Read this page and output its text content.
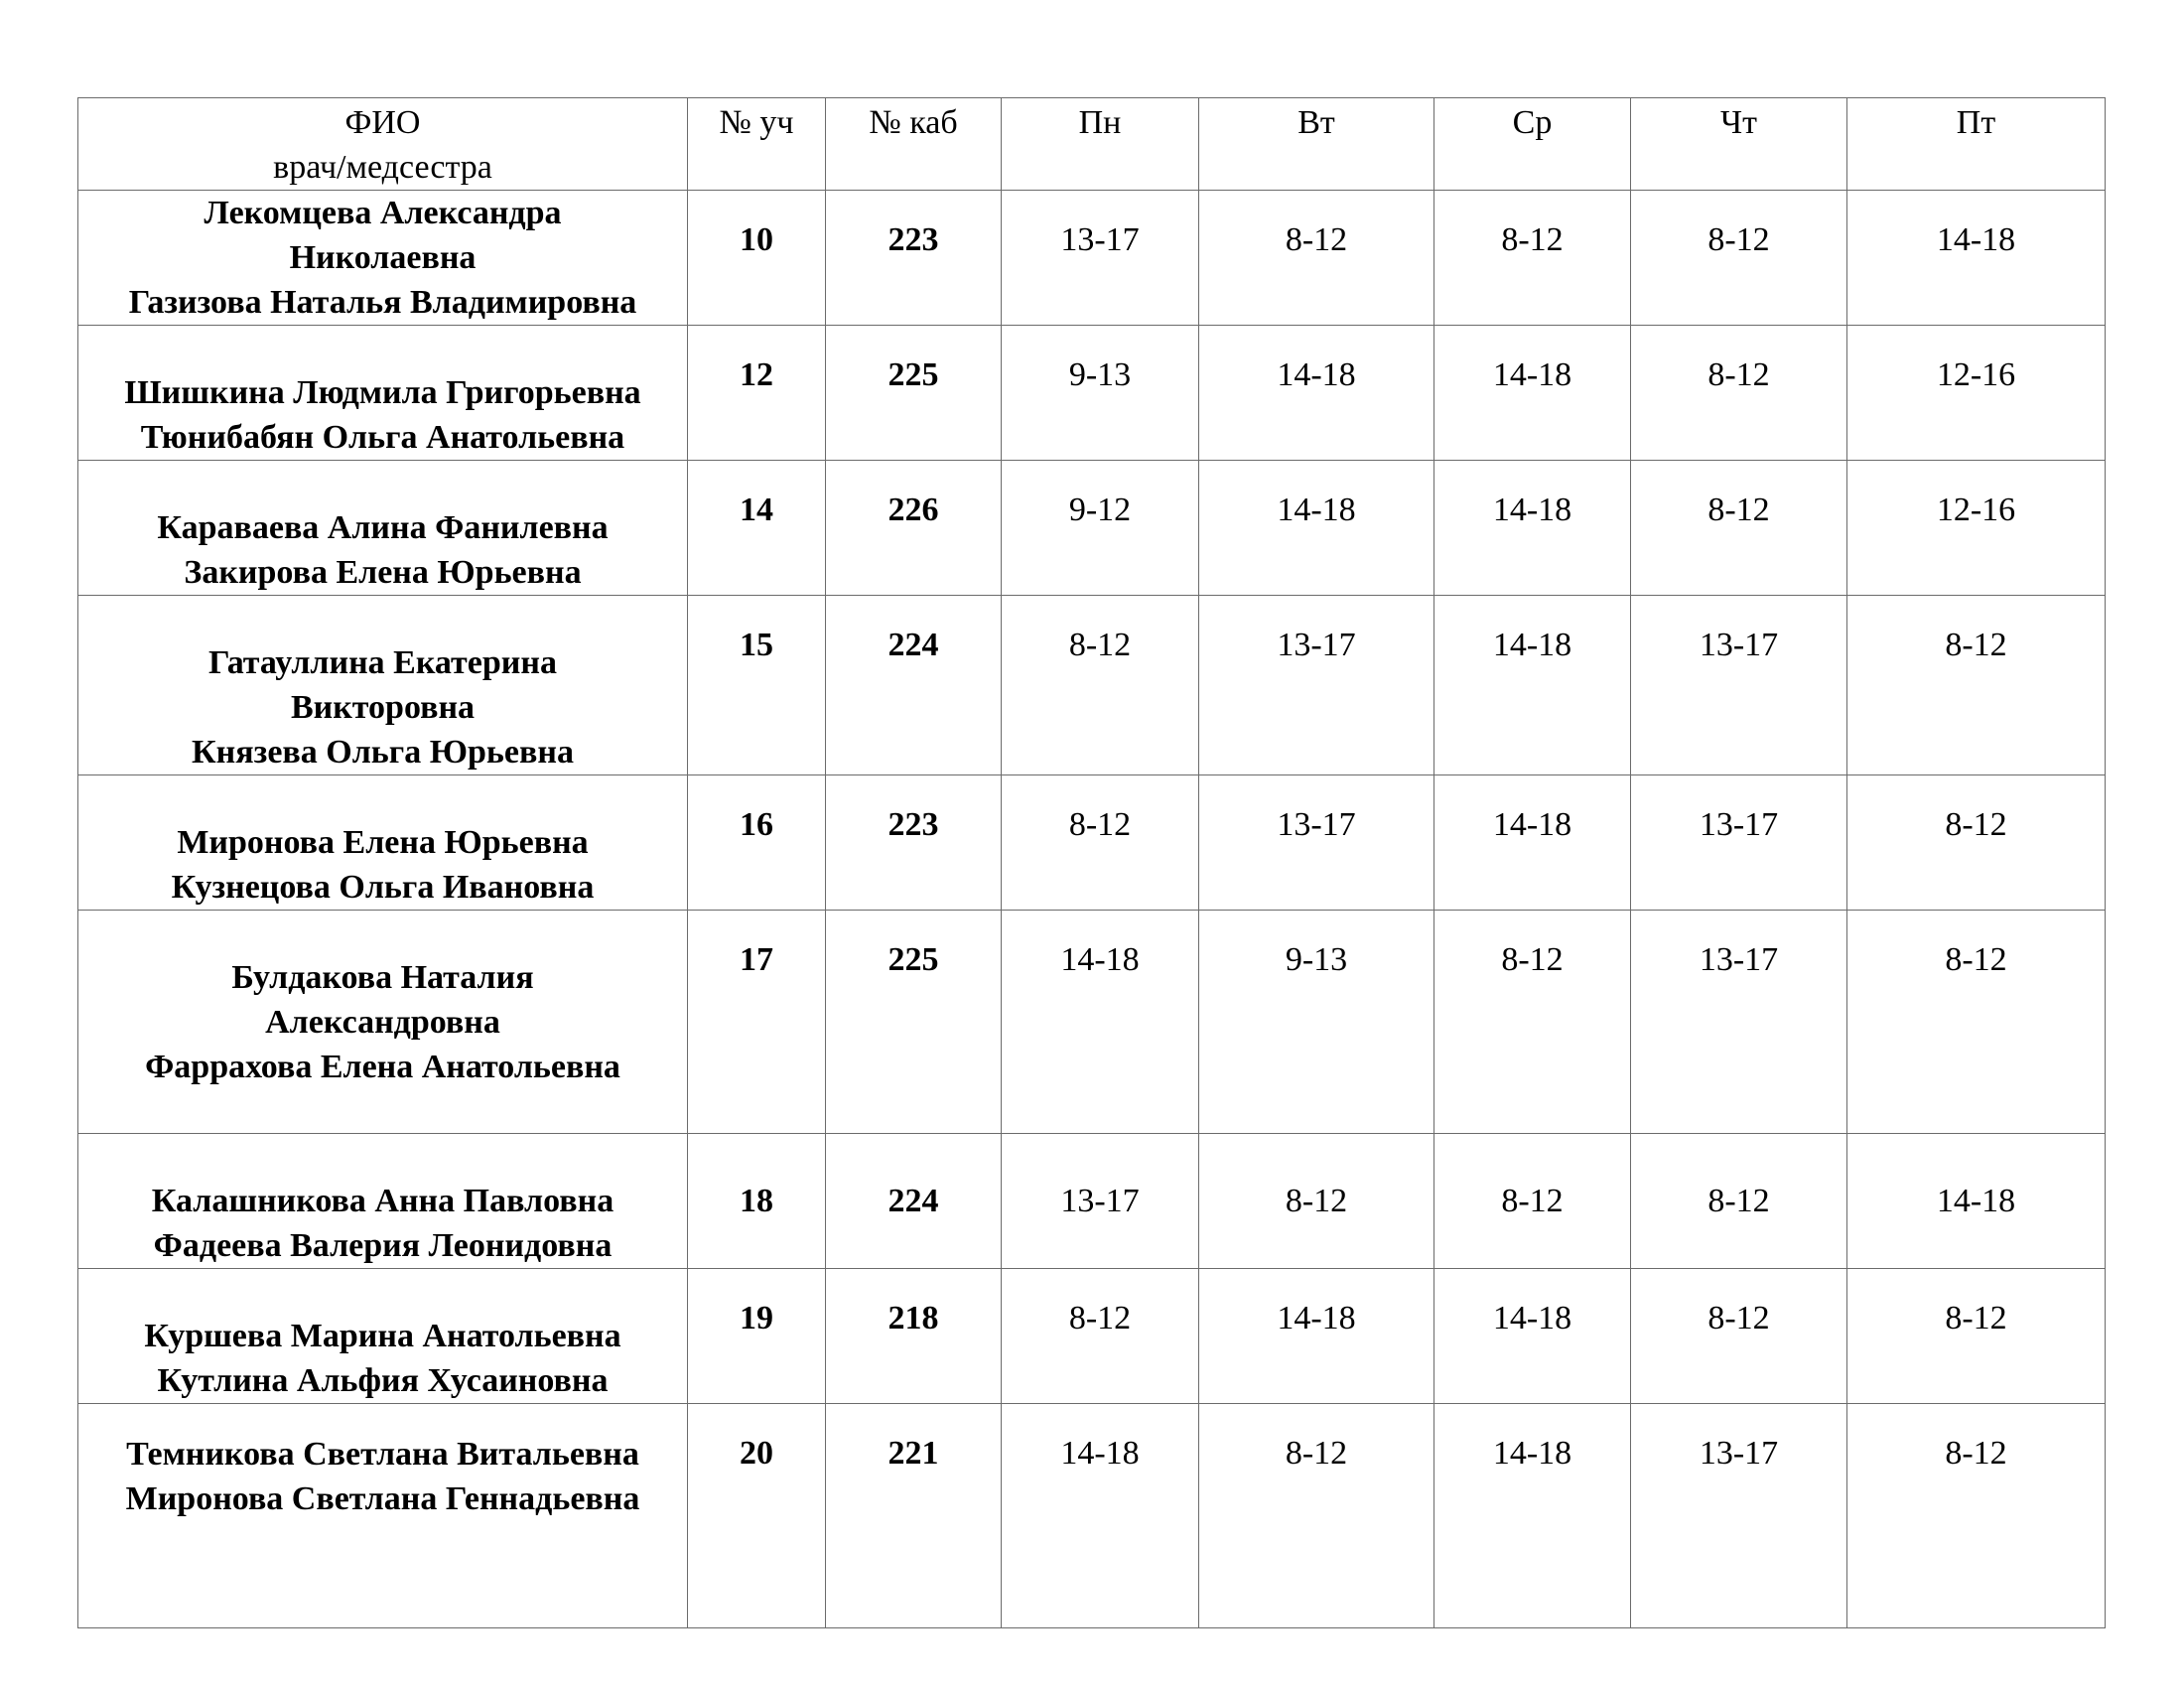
ФИО
врач/медсестра	№ уч	№ каб	Пн	Вт	Ср	Чт	Пт

Лекомцева Александра
Николаевна
Газизова Наталья Владимировна	10	223	13-17	8-12	8-12	8-12	14-18

Шишкина Людмила Григорьевна
Тюнибабян Ольга Анатольевна	12	225	9-13	14-18	14-18	8-12	12-16

Караваева Алина Фанилевна
Закирова Елена Юрьевна	14	226	9-12	14-18	14-18	8-12	12-16

Гатауллина Екатерина
Викторовна
Князева Ольга Юрьевна	15	224	8-12	13-17	14-18	13-17	8-12

Миронова Елена Юрьевна
Кузнецова Ольга Ивановна	16	223	8-12	13-17	14-18	13-17	8-12

Булдакова Наталия
Александровна
Фаррахова Елена Анатольевна	17	225	14-18	9-13	8-12	13-17	8-12

Калашникова Анна Павловна
Фадеева Валерия Леонидовна	18	224	13-17	8-12	8-12	8-12	14-18

Куршева Марина Анатольевна
Кутлина Альфия Хусаиновна	19	218	8-12	14-18	14-18	8-12	8-12

Темникова Светлана Витальевна
Миронова Светлана Геннадьевна	20	221	14-18	8-12	14-18	13-17	8-12
